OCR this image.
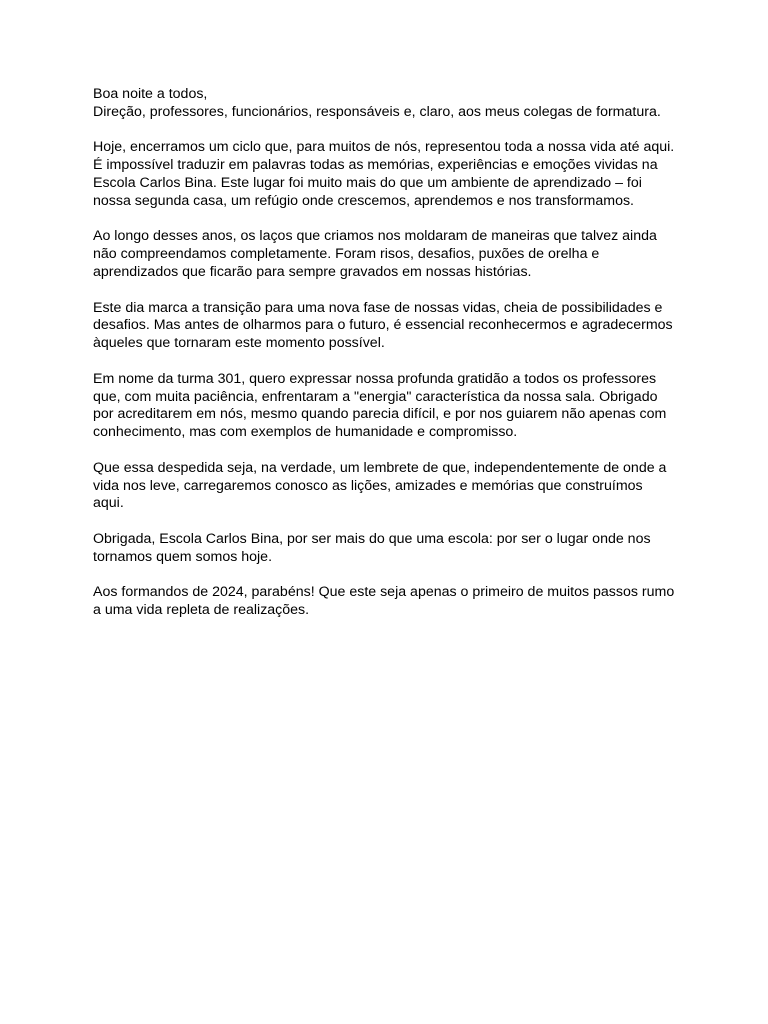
Boa noite a todos,
Direção, professores, funcionários, responsáveis e, claro, aos meus colegas de formatura.

Hoje, encerramos um ciclo que, para muitos de nós, representou toda a nossa vida até aqui.
É impossível traduzir em palavras todas as memórias, experiências e emoções vividas na
Escola Carlos Bina. Este lugar foi muito mais do que um ambiente de aprendizado – foi
nossa segunda casa, um refúgio onde crescemos, aprendemos e nos transformamos.

Ao longo desses anos, os laços que criamos nos moldaram de maneiras que talvez ainda
não compreendamos completamente. Foram risos, desafios, puxões de orelha e
aprendizados que ficarão para sempre gravados em nossas histórias.

Este dia marca a transição para uma nova fase de nossas vidas, cheia de possibilidades e
desafios. Mas antes de olharmos para o futuro, é essencial reconhecermos e agradecermos
àqueles que tornaram este momento possível.

Em nome da turma 301, quero expressar nossa profunda gratidão a todos os professores
que, com muita paciência, enfrentaram a "energia" característica da nossa sala. Obrigado
por acreditarem em nós, mesmo quando parecia difícil, e por nos guiarem não apenas com
conhecimento, mas com exemplos de humanidade e compromisso.

Que essa despedida seja, na verdade, um lembrete de que, independentemente de onde a
vida nos leve, carregaremos conosco as lições, amizades e memórias que construímos
aqui.

Obrigada, Escola Carlos Bina, por ser mais do que uma escola: por ser o lugar onde nos
tornamos quem somos hoje.

Aos formandos de 2024, parabéns! Que este seja apenas o primeiro de muitos passos rumo
a uma vida repleta de realizações.
